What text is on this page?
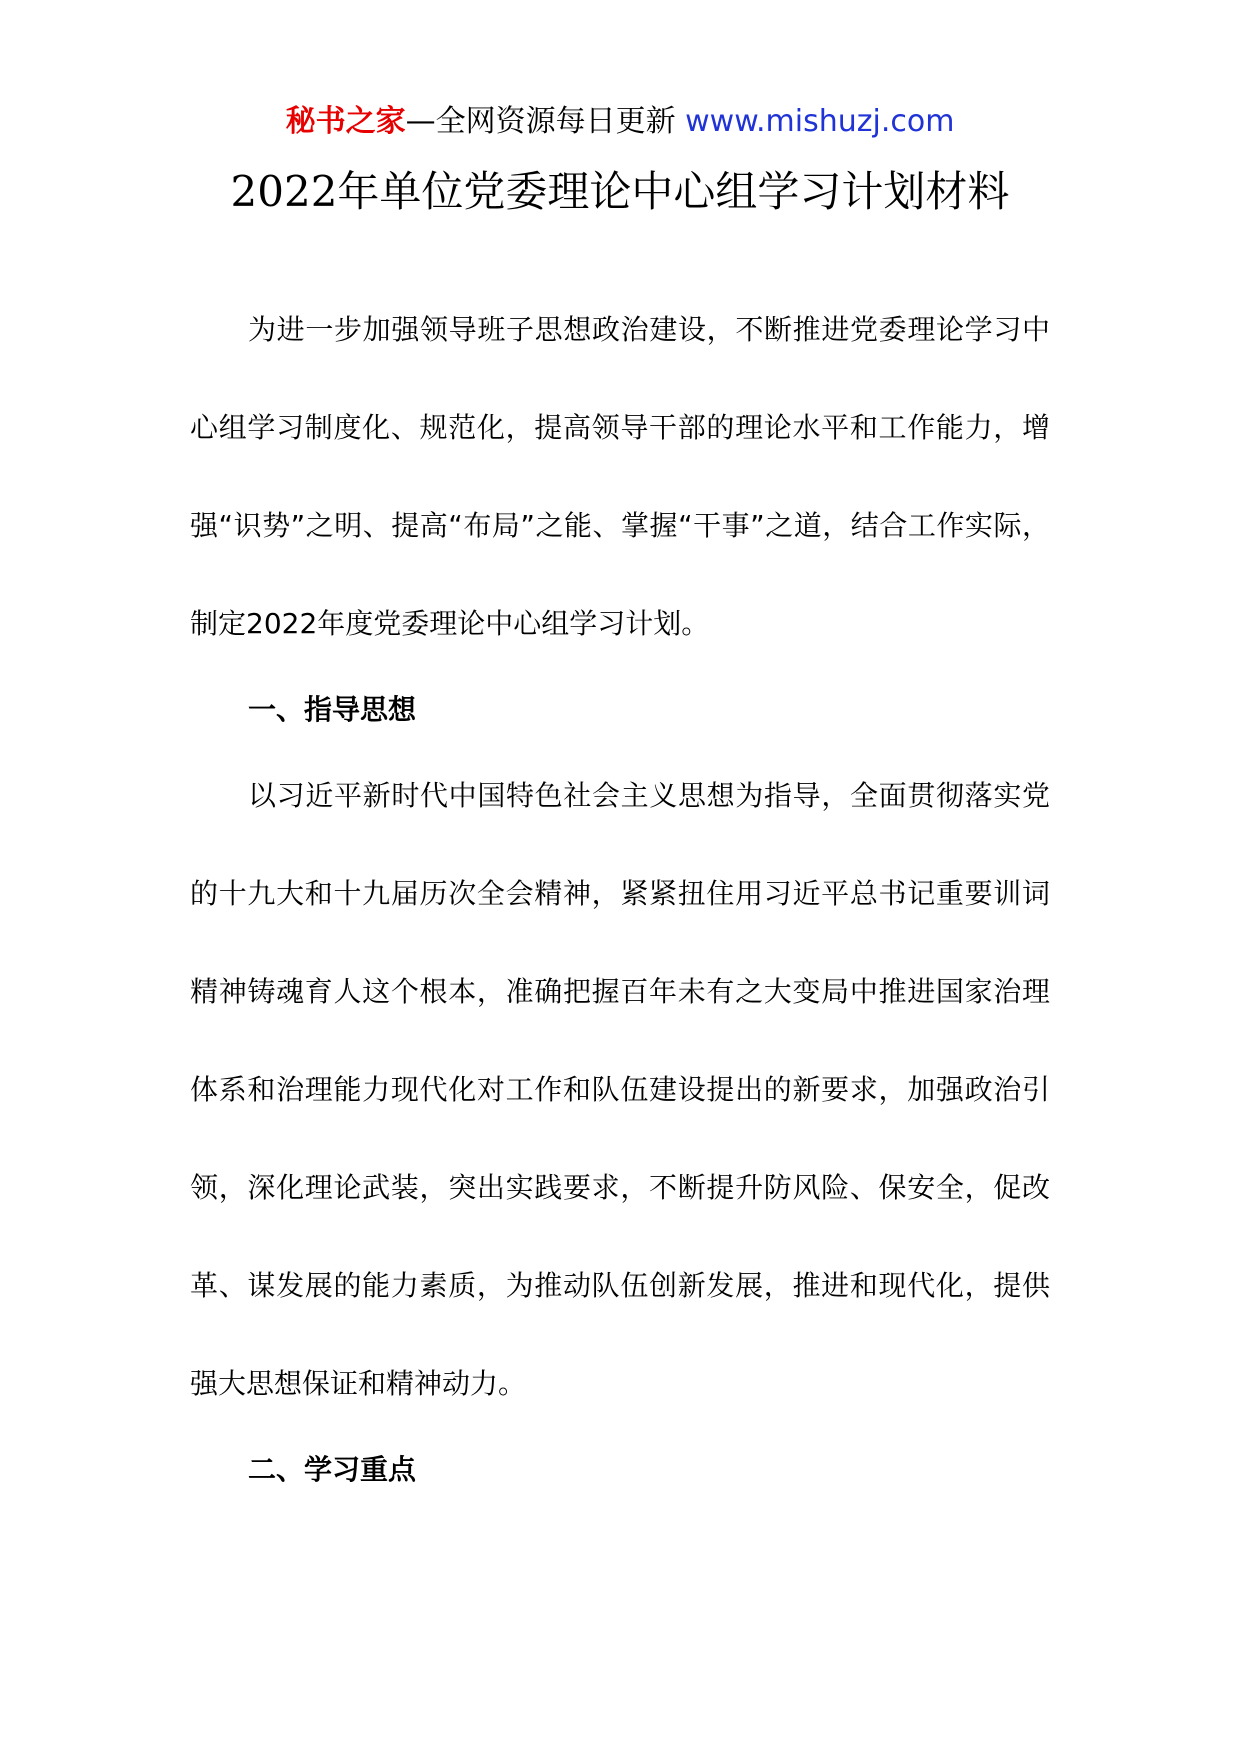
秘书之家—全网资源每日更新 www.mishuzj.com
2022年单位党委理论中心组学习计划材料

为进一步加强领导班子思想政治建设，不断推进党委理论学习中心组学习制度化、规范化，提高领导干部的理论水平和工作能力，增强“识势”之明、提高“布局”之能、掌握“干事”之道，结合工作实际，制定2022年度党委理论中心组学习计划。

一、指导思想

以习近平新时代中国特色社会主义思想为指导，全面贯彻落实党的十九大和十九届历次全会精神，紧紧扭住用习近平总书记重要训词精神铸魂育人这个根本，准确把握百年未有之大变局中推进国家治理体系和治理能力现代化对工作和队伍建设提出的新要求，加强政治引领，深化理论武装，突出实践要求，不断提升防风险、保安全，促改革、谋发展的能力素质，为推动队伍创新发展，推进和现代化，提供强大思想保证和精神动力。

二、学习重点
